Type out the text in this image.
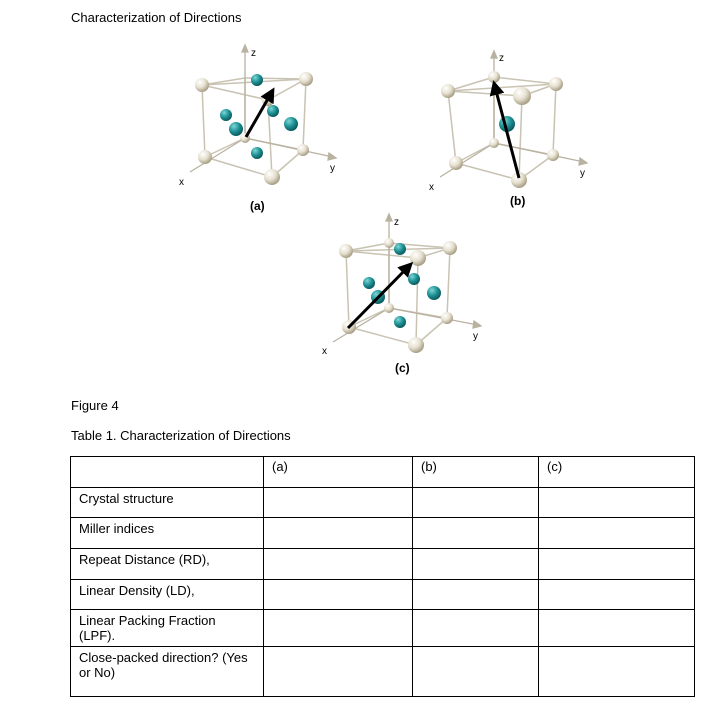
Characterization of Directions
z
y
x
(a)
z
y
x
(b)
z
y
x
(c)
Figure 4
Table 1. Characterization of Directions
	(a)	(b)	(c)
Crystal structure			
Miller indices			
Repeat Distance (RD),			
Linear Density (LD),			
Linear Packing Fraction (LPF).			
Close-packed direction? (Yes or No)			
